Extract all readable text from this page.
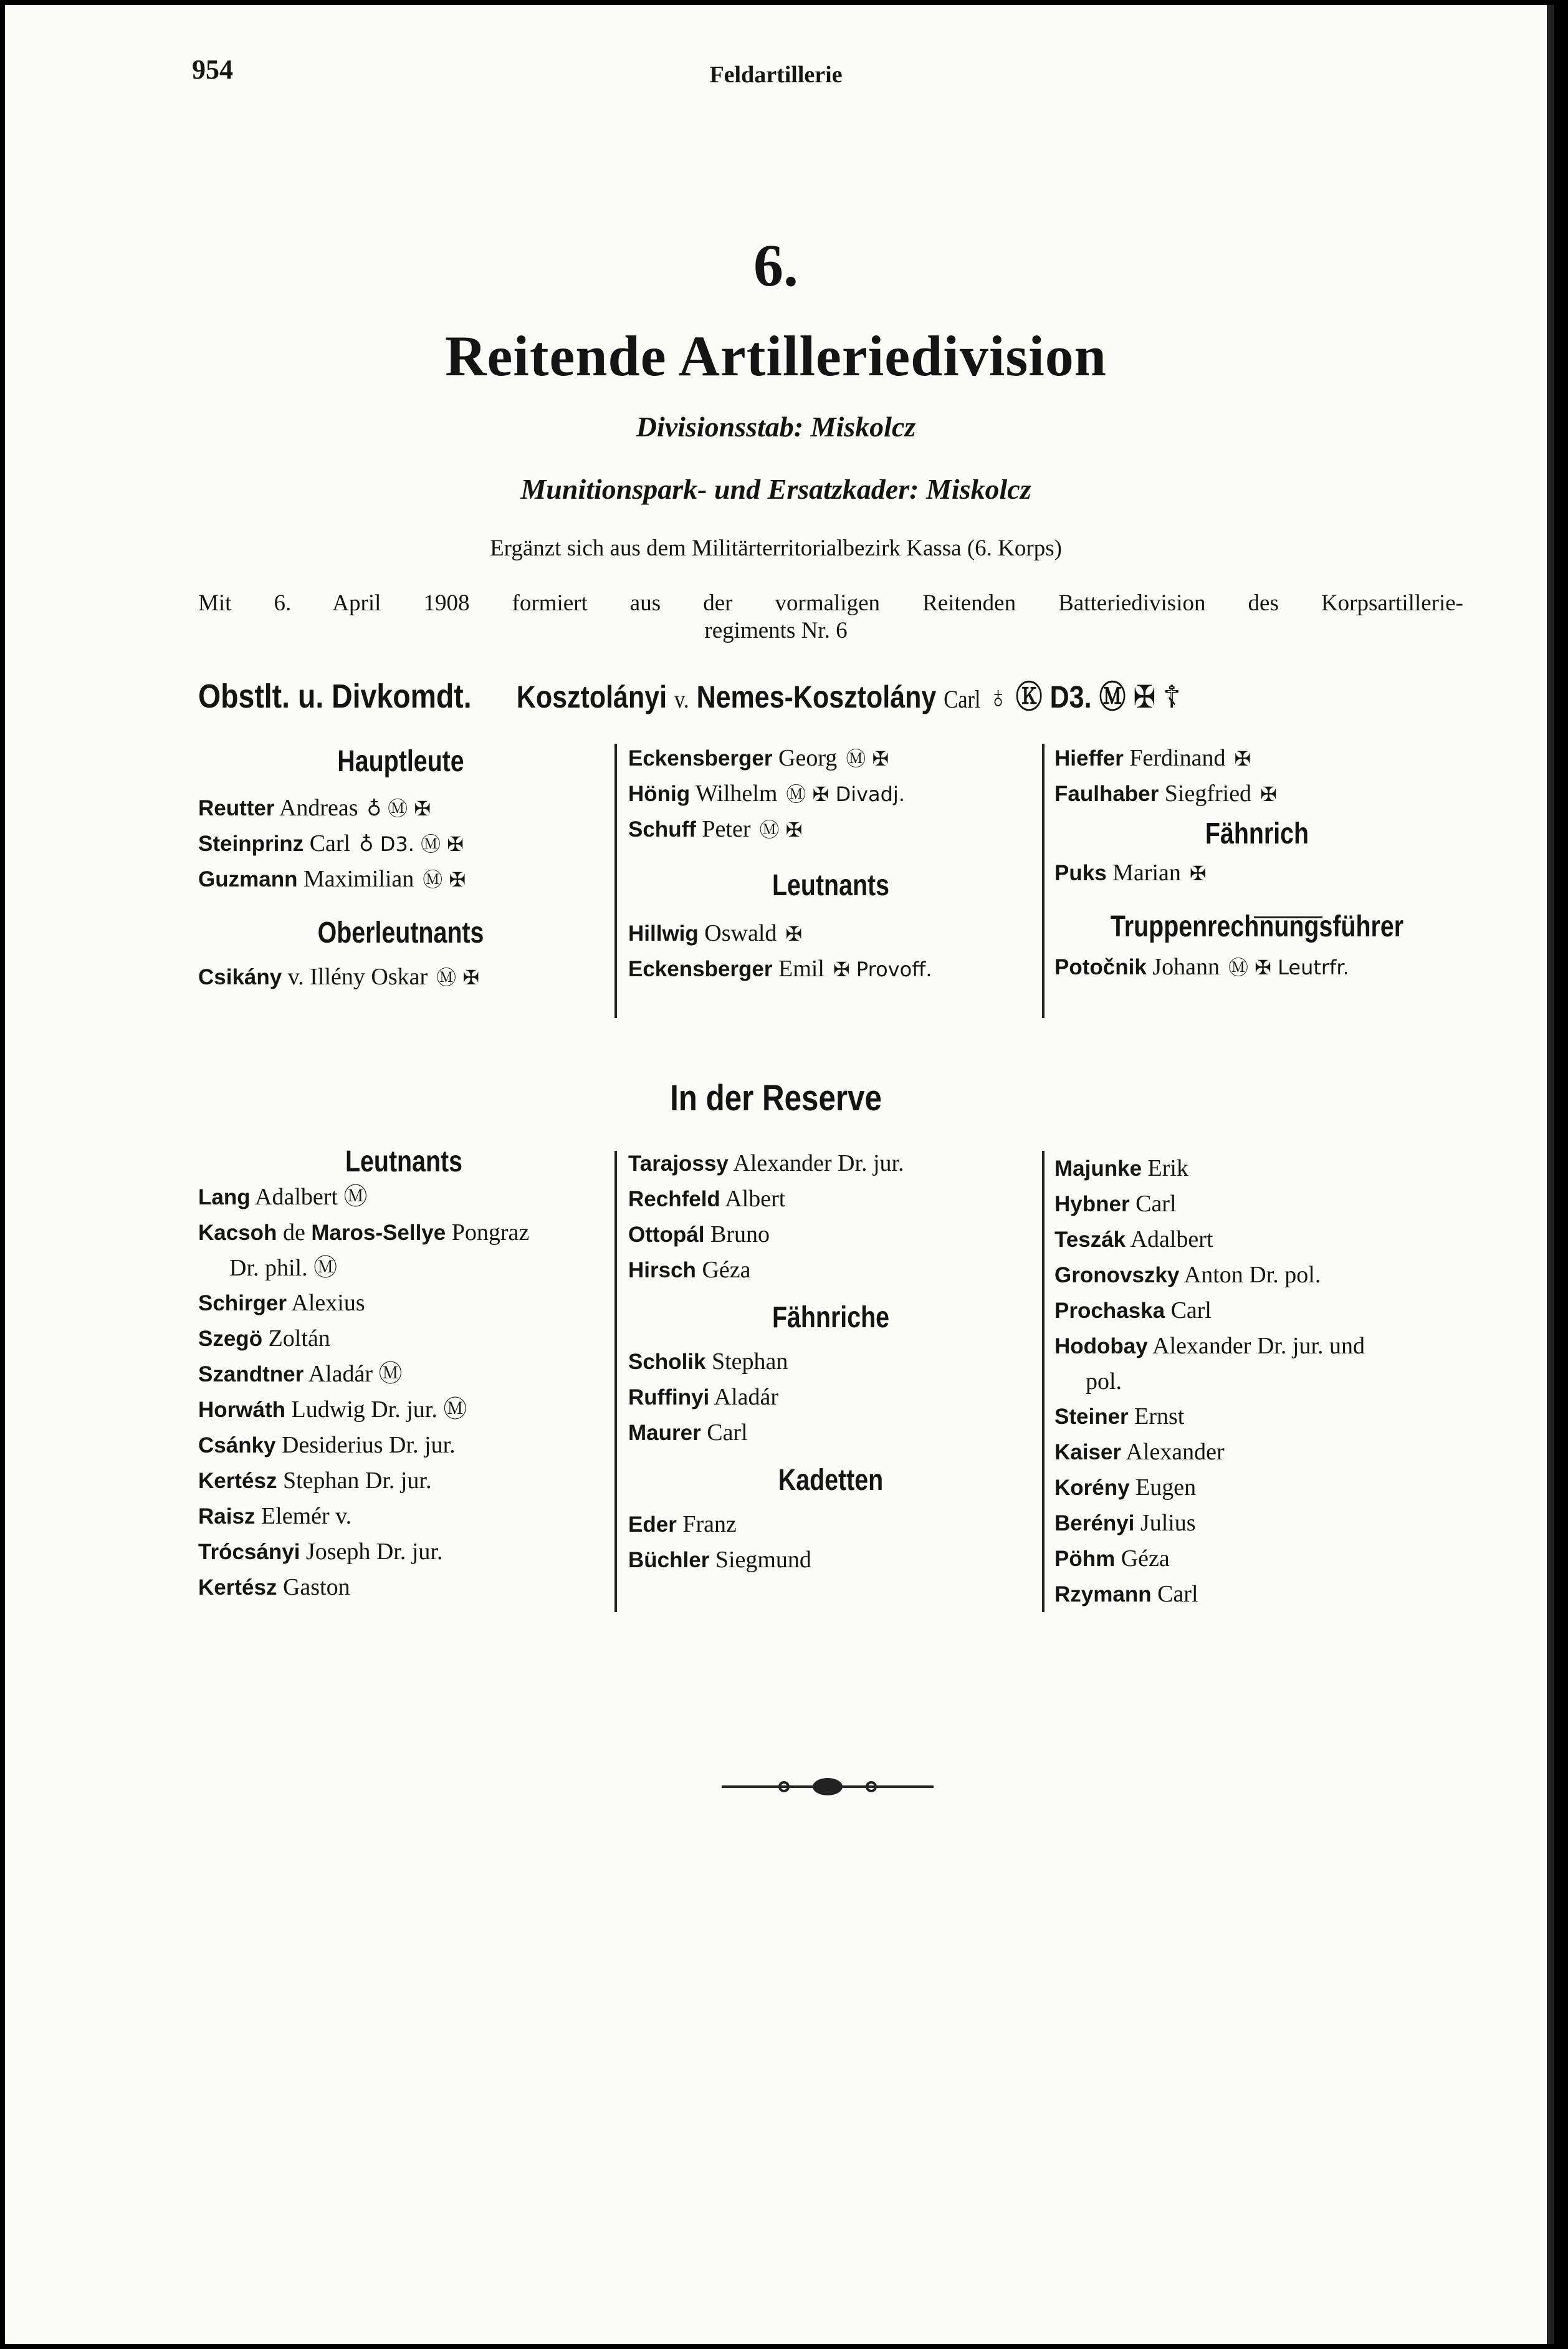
954	Feldartillerie
6.
Reitende Artilleriedivision
Divisionsstab: Miskolcz
Munitionspark- und Ersatzkader: Miskolcz
Ergänzt sich aus dem Militärterritorialbezirk Kassa (6. Korps)
Mit 6. April 1908 formiert aus der vormaligen Reitenden Batteriedivision des Korpsartillerie-
regiments Nr. 6
Obstlt. u. Divkomdt. Kosztolányi v. Nemes-Kosztolány Carl ♁ Ⓚ D3. Ⓜ ✠ ☦
Hauptleute
Reutter Andreas ♁ Ⓜ ✠
Steinprinz Carl ♁ D3. Ⓜ ✠
Guzmann Maximilian Ⓜ ✠
Oberleutnants
Csikány v. Illény Oskar Ⓜ ✠
Eckensberger Georg Ⓜ ✠
Hönig Wilhelm Ⓜ ✠ Divadj.
Schuff Peter Ⓜ ✠
Leutnants
Hillwig Oswald ✠
Eckensberger Emil ✠ Provoff.
Hieffer Ferdinand ✠
Faulhaber Siegfried ✠
Fähnrich
Puks Marian ✠
Truppenrechnungsführer
Potočnik Johann Ⓜ ✠ Leutrfr.
In der Reserve
Leutnants
Lang Adalbert Ⓜ
Kacsoh de Maros-Sellye Pongraz
Dr. phil. Ⓜ
Schirger Alexius
Szegö Zoltán
Szandtner Aladár Ⓜ
Horwáth Ludwig Dr. jur. Ⓜ
Csánky Desiderius Dr. jur.
Kertész Stephan Dr. jur.
Raisz Elemér v.
Trócsányi Joseph Dr. jur.
Kertész Gaston
Tarajossy Alexander Dr. jur.
Rechfeld Albert
Ottopál Bruno
Hirsch Géza
Fähnriche
Scholik Stephan
Ruffinyi Aladár
Maurer Carl
Kadetten
Eder Franz
Büchler Siegmund
Majunke Erik
Hybner Carl
Teszák Adalbert
Gronovszky Anton Dr. pol.
Prochaska Carl
Hodobay Alexander Dr. jur. und
pol.
Steiner Ernst
Kaiser Alexander
Korény Eugen
Berényi Julius
Pöhm Géza
Rzymann Carl
